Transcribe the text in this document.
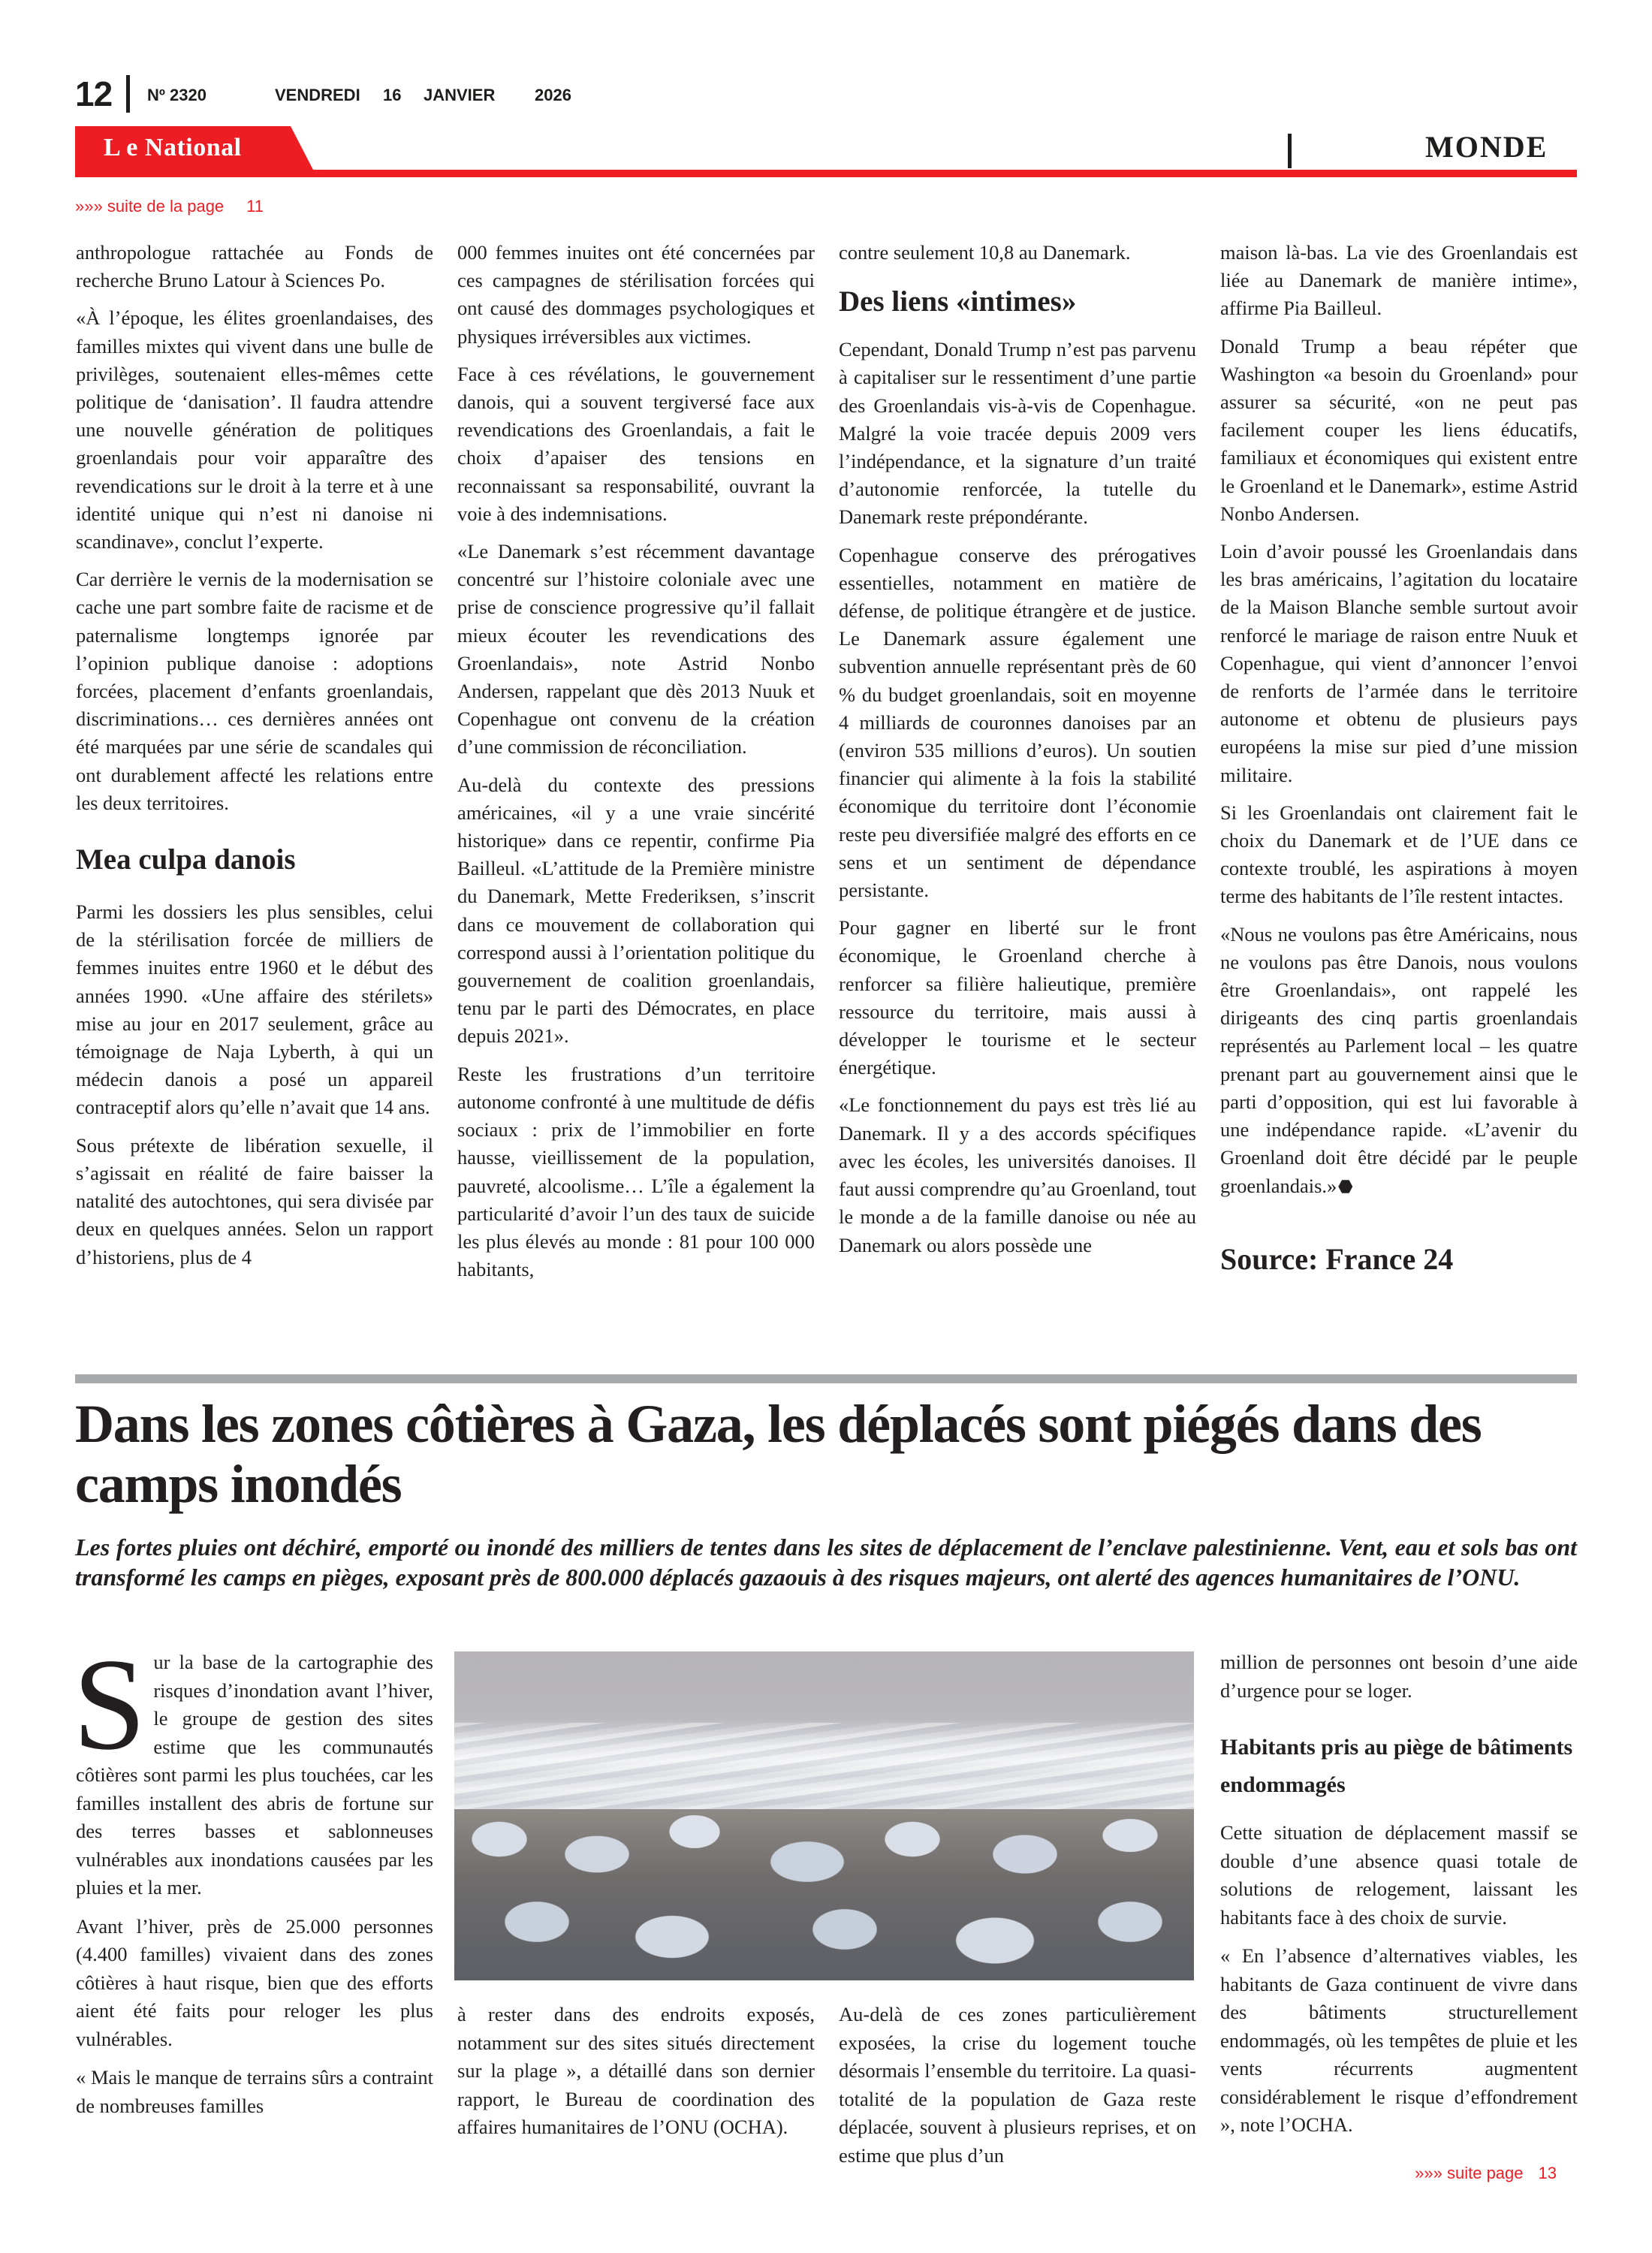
12 Nº 2320	VENDREDI 16 JANVIER 2026
L e National	MONDE
»»» suite de la page 11

anthropologue rattachée au Fonds de recherche Bruno Latour à Sciences Po.

«À l’époque, les élites groenlandaises, des familles mixtes qui vivent dans une bulle de privilèges, soutenaient elles-mêmes cette politique de ‘danisation’. Il faudra attendre une nouvelle génération de politiques groenlandais pour voir apparaître des revendications sur le droit à la terre et à une identité unique qui n’est ni danoise ni scandinave», conclut l’experte.

Car derrière le vernis de la modernisation se cache une part sombre faite de racisme et de paternalisme longtemps ignorée par l’opinion publique danoise : adoptions forcées, placement d’enfants groenlandais, discriminations… ces dernières années ont été marquées par une série de scandales qui ont durablement affecté les relations entre les deux territoires.

Mea culpa danois

Parmi les dossiers les plus sensibles, celui de la stérilisation forcée de milliers de femmes inuites entre 1960 et le début des années 1990. «Une affaire des stérilets» mise au jour en 2017 seulement, grâce au témoignage de Naja Lyberth, à qui un médecin danois a posé un appareil contraceptif alors qu’elle n’avait que 14 ans.

Sous prétexte de libération sexuelle, il s’agissait en réalité de faire baisser la natalité des autochtones, qui sera divisée par deux en quelques années. Selon un rapport d’historiens, plus de 4

000 femmes inuites ont été concernées par ces campagnes de stérilisation forcées qui ont causé des dommages psychologiques et physiques irréversibles aux victimes.

Face à ces révélations, le gouvernement danois, qui a souvent tergiversé face aux revendications des Groenlandais, a fait le choix d’apaiser des tensions en reconnaissant sa responsabilité, ouvrant la voie à des indemnisations.

«Le Danemark s’est récemment davantage concentré sur l’histoire coloniale avec une prise de conscience progressive qu’il fallait mieux écouter les revendications des Groenlandais», note Astrid Nonbo Andersen, rappelant que dès 2013 Nuuk et Copenhague ont convenu de la création d’une commission de réconciliation.

Au-delà du contexte des pressions américaines, «il y a une vraie sincérité historique» dans ce repentir, confirme Pia Bailleul. «L’attitude de la Première ministre du Danemark, Mette Frederiksen, s’inscrit dans ce mouvement de collaboration qui correspond aussi à l’orientation politique du gouvernement de coalition groenlandais, tenu par le parti des Démocrates, en place depuis 2021».

Reste les frustrations d’un territoire autonome confronté à une multitude de défis sociaux : prix de l’immobilier en forte hausse, vieillissement de la population, pauvreté, alcoolisme… L’île a également la particularité d’avoir l’un des taux de suicide les plus élevés au monde : 81 pour 100 000 habitants,

contre seulement 10,8 au Danemark.

Des liens «intimes»

Cependant, Donald Trump n’est pas parvenu à capitaliser sur le ressentiment d’une partie des Groenlandais vis-à-vis de Copenhague. Malgré la voie tracée depuis 2009 vers l’indépendance, et la signature d’un traité d’autonomie renforcée, la tutelle du Danemark reste prépondérante.

Copenhague conserve des prérogatives essentielles, notamment en matière de défense, de politique étrangère et de justice. Le Danemark assure également une subvention annuelle représentant près de 60 % du budget groenlandais, soit en moyenne 4 milliards de couronnes danoises par an (environ 535 millions d’euros). Un soutien financier qui alimente à la fois la stabilité économique du territoire dont l’économie reste peu diversifiée malgré des efforts en ce sens et un sentiment de dépendance persistante.

Pour gagner en liberté sur le front économique, le Groenland cherche à renforcer sa filière halieutique, première ressource du territoire, mais aussi à développer le tourisme et le secteur énergétique.

«Le fonctionnement du pays est très lié au Danemark. Il y a des accords spécifiques avec les écoles, les universités danoises. Il faut aussi comprendre qu’au Groenland, tout le monde a de la famille danoise ou née au Danemark ou alors possède une

maison là-bas. La vie des Groenlandais est liée au Danemark de manière intime», affirme Pia Bailleul.

Donald Trump a beau répéter que Washington «a besoin du Groenland» pour assurer sa sécurité, «on ne peut pas facilement couper les liens éducatifs, familiaux et économiques qui existent entre le Groenland et le Danemark», estime Astrid Nonbo Andersen.

Loin d’avoir poussé les Groenlandais dans les bras américains, l’agitation du locataire de la Maison Blanche semble surtout avoir renforcé le mariage de raison entre Nuuk et Copenhague, qui vient d’annoncer l’envoi de renforts de l’armée dans le territoire autonome et obtenu de plusieurs pays européens la mise sur pied d’une mission militaire.

Si les Groenlandais ont clairement fait le choix du Danemark et de l’UE dans ce contexte troublé, les aspirations à moyen terme des habitants de l’île restent intactes.

«Nous ne voulons pas être Américains, nous ne voulons pas être Danois, nous voulons être Groenlandais», ont rappelé les dirigeants des cinq partis groenlandais représentés au Parlement local – les quatre prenant part au gouvernement ainsi que le parti d’opposition, qui est lui favorable à une indépendance rapide. «L’avenir du Groenland doit être décidé par le peuple groenlandais.»

Source: France 24
Dans les zones côtières à Gaza, les déplacés sont piégés dans des camps inondés

Les fortes pluies ont déchiré, emporté ou inondé des milliers de tentes dans les sites de déplacement de l’enclave palestinienne. Vent, eau et sols bas ont transformé les camps en pièges, exposant près de 800.000 déplacés gazaouis à des risques majeurs, ont alerté des agences humanitaires de l’ONU.

Sur la base de la cartographie des risques d’inondation avant l’hiver, le groupe de gestion des sites estime que les communautés côtières sont parmi les plus touchées, car les familles installent des abris de fortune sur des terres basses et sablonneuses vulnérables aux inondations causées par les pluies et la mer.

Avant l’hiver, près de 25.000 personnes (4.400 familles) vivaient dans des zones côtières à haut risque, bien que des efforts aient été faits pour reloger les plus vulnérables.

« Mais le manque de terrains sûrs a contraint de nombreuses familles

à rester dans des endroits exposés, notamment sur des sites situés directement sur la plage », a détaillé dans son dernier rapport, le Bureau de coordination des affaires humanitaires de l’ONU (OCHA).

Au-delà de ces zones particulièrement exposées, la crise du logement touche désormais l’ensemble du territoire. La quasi-totalité de la population de Gaza reste déplacée, souvent à plusieurs reprises, et on estime que plus d’un

million de personnes ont besoin d’une aide d’urgence pour se loger.

Habitants pris au piège de bâtiments endommagés

Cette situation de déplacement massif se double d’une absence quasi totale de solutions de relogement, laissant les habitants face à des choix de survie.

« En l’absence d’alternatives viables, les habitants de Gaza continuent de vivre dans des bâtiments structurellement endommagés, où les tempêtes de pluie et les vents récurrents augmentent considérablement le risque d’effondrement », note l’OCHA.

»»» suite page 13
